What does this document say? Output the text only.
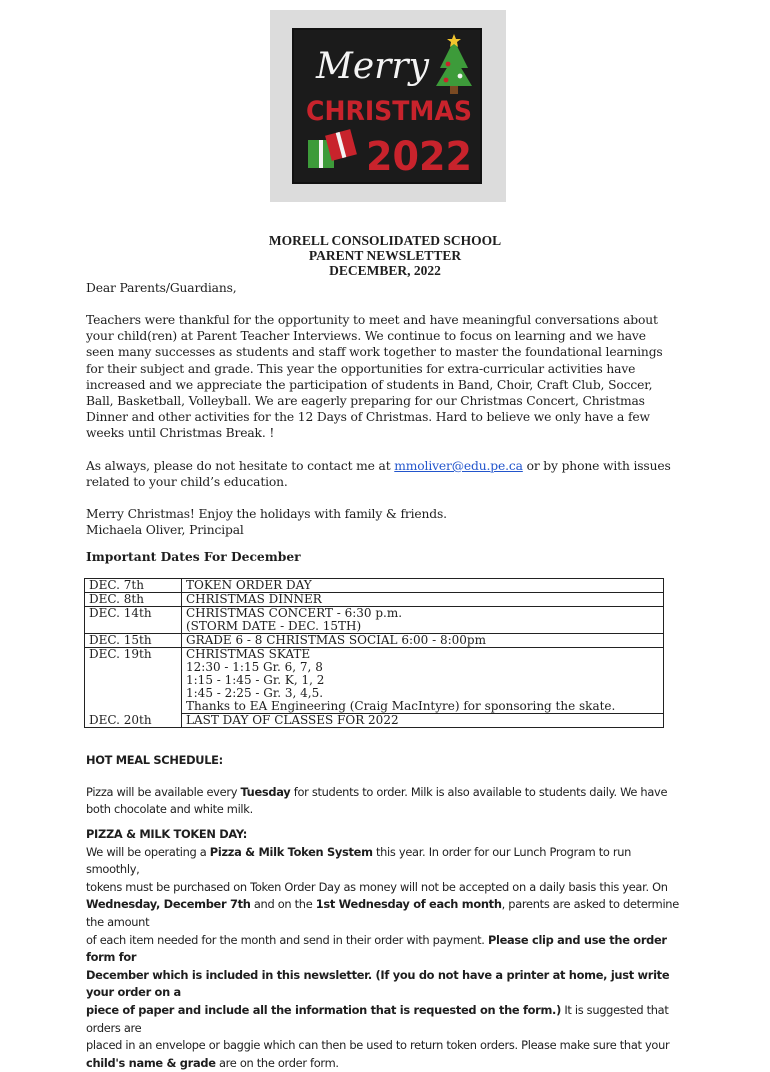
Merry
CHRISTMAS
2022
MORELL CONSOLIDATED SCHOOL
PARENT NEWSLETTER
DECEMBER, 2022
Dear Parents/Guardians,
Teachers were thankful for the opportunity to meet and have meaningful conversations about
your child(ren) at Parent Teacher Interviews. We continue to focus on learning and we have
seen many successes as students and staff work together to master the foundational learnings
for their subject and grade. This year the opportunities for extra-curricular activities have
increased and we appreciate the participation of students in Band, Choir, Craft Club, Soccer,
Ball, Basketball, Volleyball. We are eagerly preparing for our Christmas Concert, Christmas
Dinner and other activities for the 12 Days of Christmas. Hard to believe we only have a few
weeks until Christmas Break. !
As always, please do not hesitate to contact me at mmoliver@edu.pe.ca or by phone with issues
related to your child’s education.
Merry Christmas! Enjoy the holidays with family & friends.
Michaela Oliver, Principal
Important Dates For December
DEC. 7th	TOKEN ORDER DAY

DEC. 8th	CHRISTMAS DINNER

DEC. 14th	CHRISTMAS CONCERT - 6:30 p.m.
(STORM DATE - DEC. 15TH)

DEC. 15th	GRADE 6 - 8 CHRISTMAS SOCIAL 6:00 - 8:00pm

DEC. 19th	CHRISTMAS SKATE
12:30 - 1:15 Gr. 6, 7, 8
1:15 - 1:45 - Gr. K, 1, 2
1:45 - 2:25 - Gr. 3, 4,5.
Thanks to EA Engineering (Craig MacIntyre) for sponsoring the skate.

DEC. 20th	LAST DAY OF CLASSES FOR 2022
HOT MEAL SCHEDULE:
Pizza will be available every Tuesday for students to order. Milk is also available to students daily. We have
both chocolate and white milk.
PIZZA & MILK TOKEN DAY:
We will be operating a Pizza & Milk Token System this year. In order for our Lunch Program to run smoothly,
tokens must be purchased on Token Order Day as money will not be accepted on a daily basis this year. On
Wednesday, December 7th and on the 1st Wednesday of each month, parents are asked to determine the amount
of each item needed for the month and send in their order with payment. Please clip and use the order form for
December which is included in this newsletter. (If you do not have a printer at home, just write your order on a
piece of paper and include all the information that is requested on the form.) It is suggested that orders are
placed in an envelope or baggie which can then be used to return token orders. Please make sure that your
child's name & grade are on the order form.
